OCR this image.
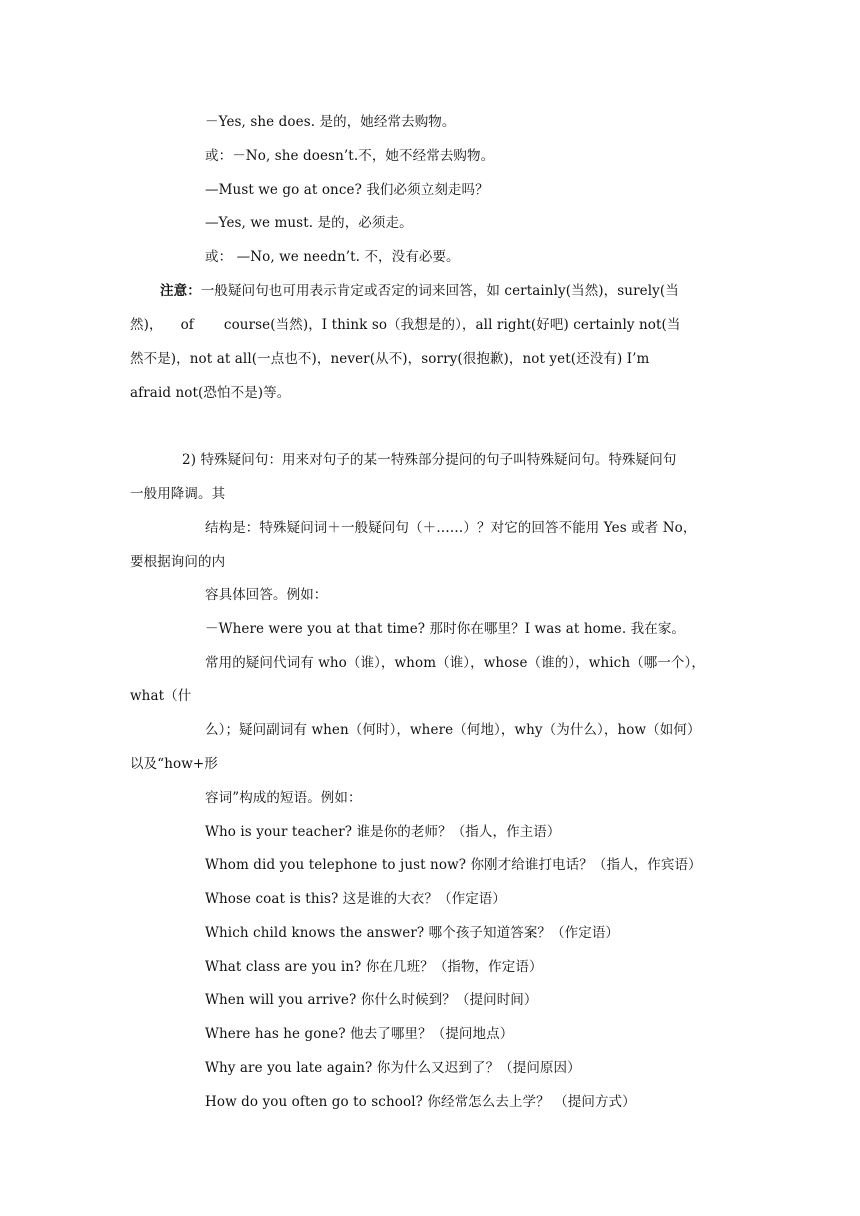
－Yes, she does. 是的，她经常去购物。
或：－No, she doesn’t.不，她不经常去购物。
—Must we go at once? 我们必须立刻走吗？
—Yes, we must. 是的，必须走。
或： —No, we needn’t. 不，没有必要。
注意：一般疑问句也可用表示肯定或否定的词来回答，如 certainly(当然)，surely(当
然)， of course(当然)，I think so（我想是的），all right(好吧) certainly not(当
然不是)，not at all(一点也不)，never(从不)，sorry(很抱歉)，not yet(还没有) I’m
afraid not(恐怕不是)等。
2) 特殊疑问句：用来对句子的某一特殊部分提问的句子叫特殊疑问句。特殊疑问句
一般用降调。其
结构是：特殊疑问词＋一般疑问句（＋……）？对它的回答不能用 Yes 或者 No，
要根据询问的内
容具体回答。例如：
－Where were you at that time? 那时你在哪里？I was at home. 我在家。
常用的疑问代词有 who（谁），whom（谁），whose（谁的），which（哪一个），
what（什
么）；疑问副词有 when（何时），where（何地），why（为什么），how（如何）
以及“how+形
容词”构成的短语。例如：
Who is your teacher? 谁是你的老师？（指人，作主语）
Whom did you telephone to just now? 你刚才给谁打电话？（指人，作宾语）
Whose coat is this? 这是谁的大衣？（作定语）
Which child knows the answer? 哪个孩子知道答案？（作定语）
What class are you in? 你在几班？（指物，作定语）
When will you arrive? 你什么时候到？（提问时间）
Where has he gone? 他去了哪里？（提问地点）
Why are you late again? 你为什么又迟到了？（提问原因）
How do you often go to school? 你经常怎么去上学？ （提问方式）
